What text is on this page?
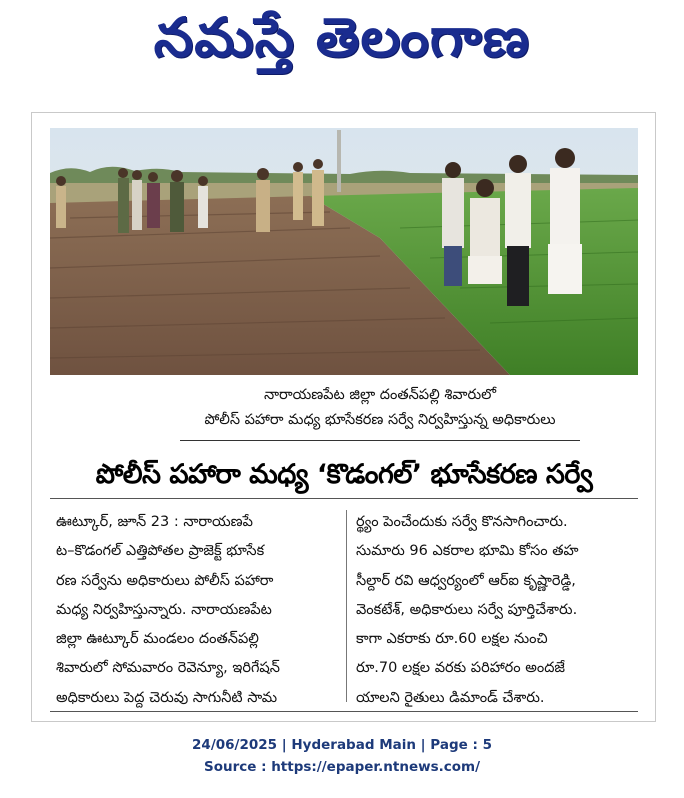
నమస్తే తెలంగాణ
నారాయణపేట జిల్లా దంతన్‌పల్లి శివారులో
పోలీస్ పహారా మధ్య భూసేకరణ సర్వే నిర్వహిస్తున్న అధికారులు
పోలీస్ పహారా మధ్య ‘కొడంగల్’ భూసేకరణ సర్వే
ఊట్కూర్, జూన్ 23 : నారాయణపే
ట–కొడంగల్ ఎత్తిపోతల ప్రాజెక్ట్ భూసేక
రణ సర్వేను అధికారులు పోలీస్ పహారా
మధ్య నిర్వహిస్తున్నారు. నారాయణపేట
జిల్లా ఊట్కూర్ మండలం దంతన్‌పల్లి
శివారులో సోమవారం రెవెన్యూ, ఇరిగేషన్
అధికారులు పెద్ద చెరువు సాగునీటి సామ
ర్థ్యం పెంచేందుకు సర్వే కొనసాగించారు.
సుమారు 96 ఎకరాల భూమి కోసం తహ
సీల్దార్ రవి ఆధ్వర్యంలో ఆర్‌ఐ కృష్ణారెడ్డి,
వెంకటేశ్, అధికారులు సర్వే పూర్తిచేశారు.
కాగా ఎకరాకు రూ.60 లక్షల నుంచి
రూ.70 లక్షల వరకు పరిహారం అందజే
యాలని రైతులు డిమాండ్ చేశారు.
24/06/2025 | Hyderabad Main | Page : 5
Source : https://epaper.ntnews.com/
